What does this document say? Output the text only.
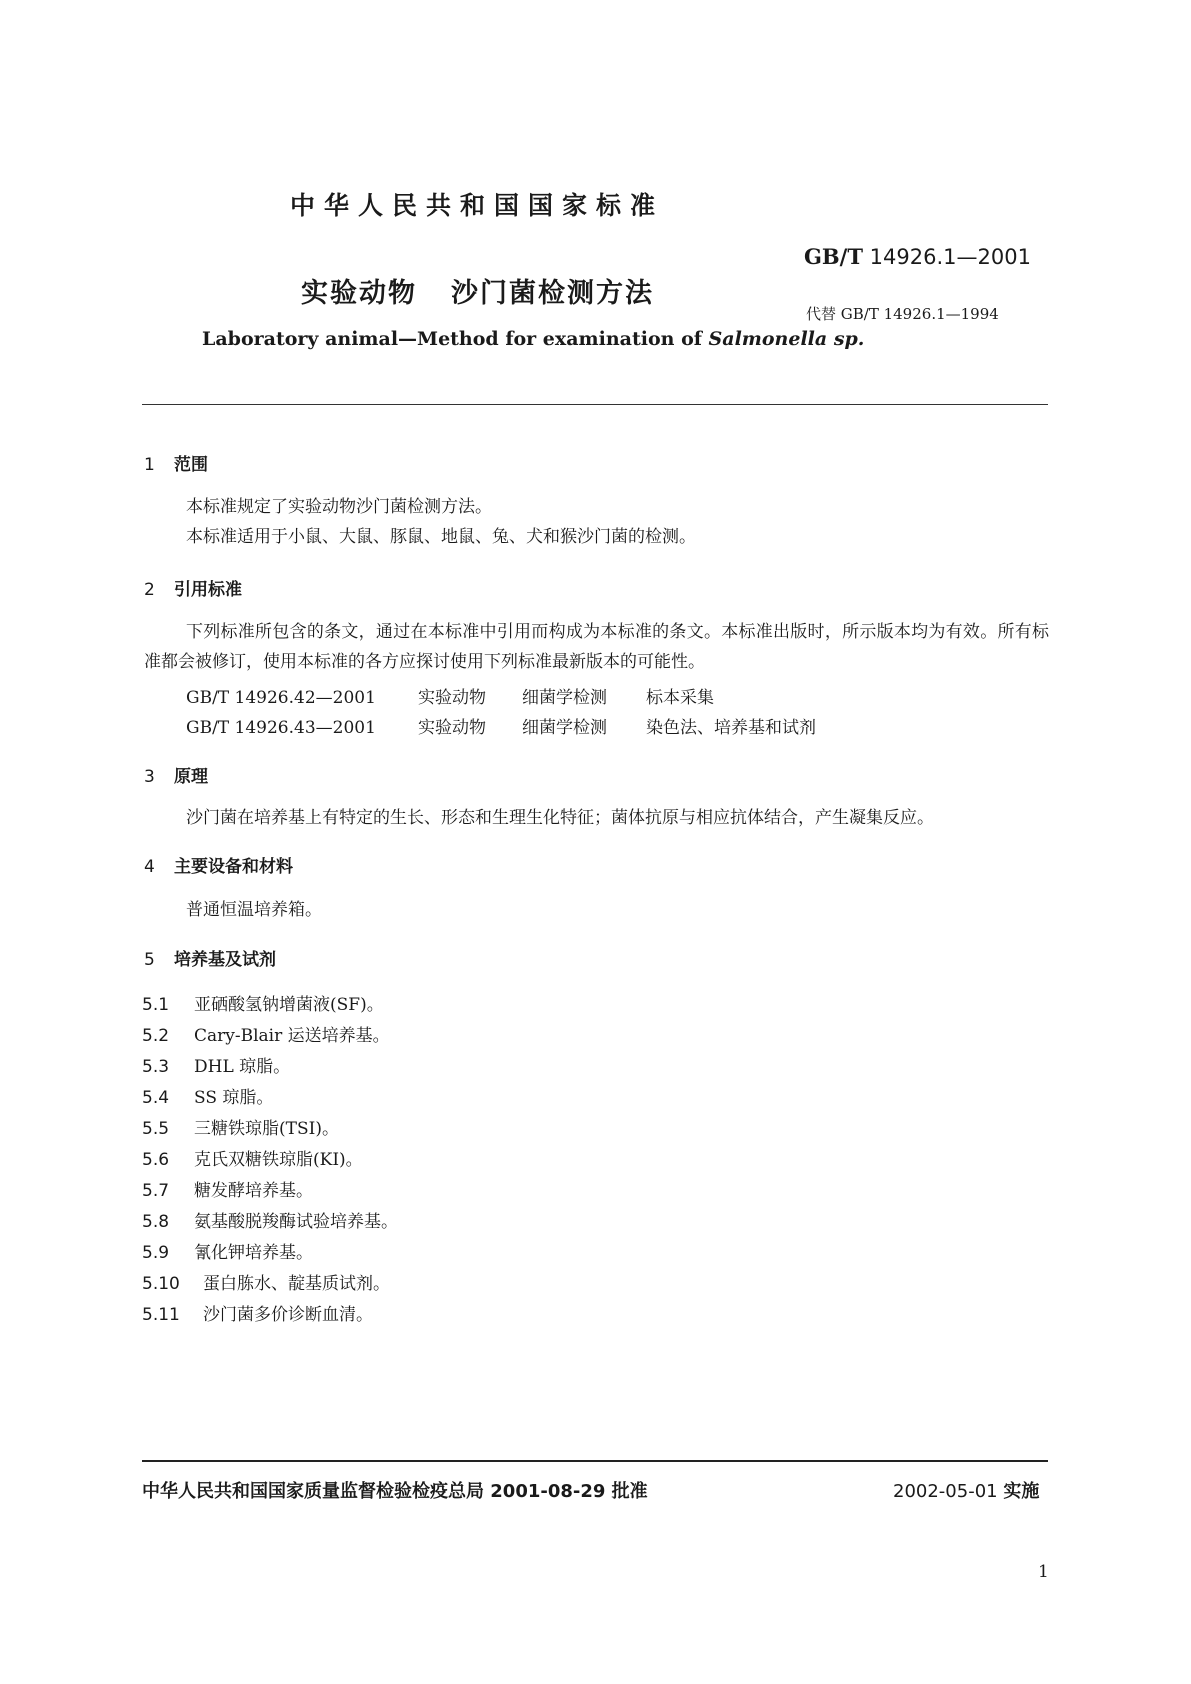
中华人民共和国国家标准
GB/T 14926.1—2001
实验动物 沙门菌检测方法
代替 GB/T 14926.1—1994
Laboratory animal—Method for examination of Salmonella sp.
1 范围
本标准规定了实验动物沙门菌检测方法。
本标准适用于小鼠、大鼠、豚鼠、地鼠、兔、犬和猴沙门菌的检测。
2 引用标准
下列标准所包含的条文，通过在本标准中引用而构成为本标准的条文。本标准出版时，所示版本均为有效。所有标准都会被修订，使用本标准的各方应探讨使用下列标准最新版本的可能性。
GB/T 14926.42—2001 实验动物 细菌学检测 标本采集
GB/T 14926.43—2001 实验动物 细菌学检测 染色法、培养基和试剂
3 原理
沙门菌在培养基上有特定的生长、形态和生理生化特征；菌体抗原与相应抗体结合，产生凝集反应。
4 主要设备和材料
普通恒温培养箱。
5 培养基及试剂
5.1 亚硒酸氢钠增菌液(SF)。
5.2 Cary-Blair 运送培养基。
5.3 DHL 琼脂。
5.4 SS 琼脂。
5.5 三糖铁琼脂(TSI)。
5.6 克氏双糖铁琼脂(KI)。
5.7 糖发酵培养基。
5.8 氨基酸脱羧酶试验培养基。
5.9 氰化钾培养基。
5.10 蛋白胨水、靛基质试剂。
5.11 沙门菌多价诊断血清。
中华人民共和国国家质量监督检验检疫总局 2001-08-29 批准	2002-05-01 实施
1
